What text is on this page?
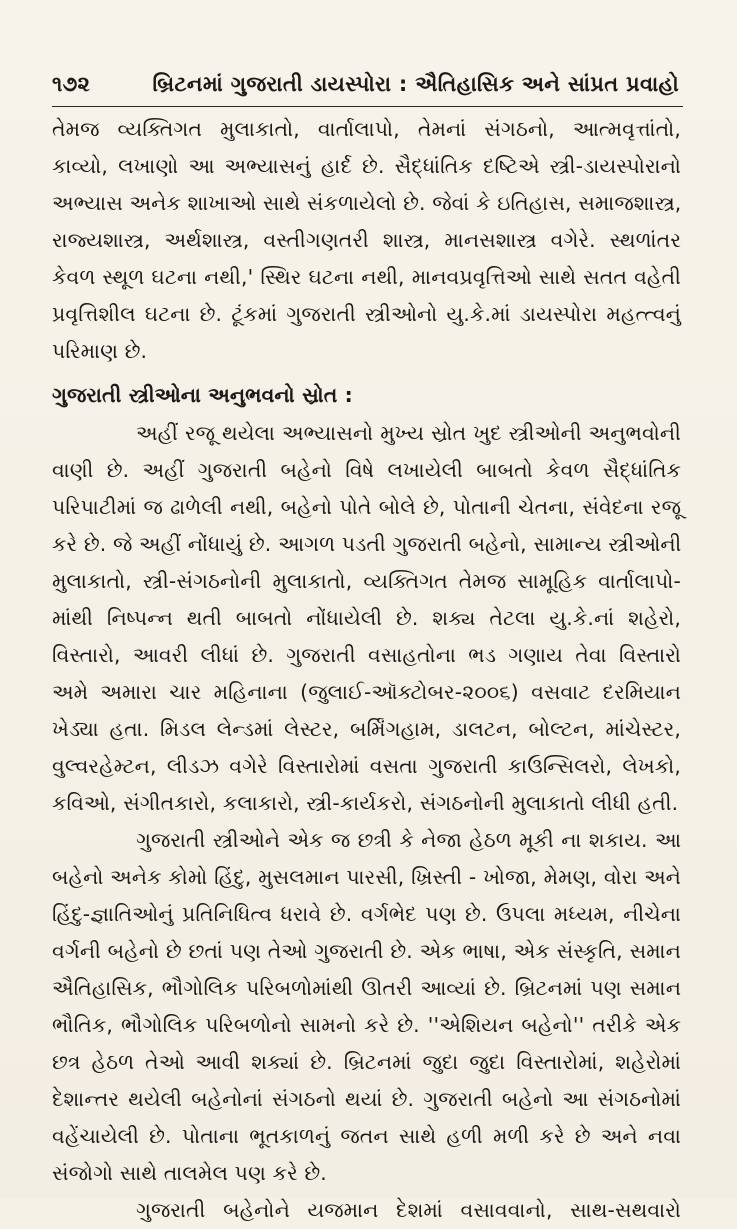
૧૭૨	બ્રિટનમાં ગુજરાતી ડાયસ્પોરા : ઐતિહાસિક અને સાંપ્રત પ્રવાહો
તેમજ વ્યક્તિગત મુલાકાતો, વાર્તાલાપો, તેમનાં સંગઠનો, આત્મવૃત્તાંતો,
કાવ્યો, લખાણો આ અભ્યાસનું હાર્દ છે. સૈદ્ધાંતિક દષ્ટિએ સ્ત્રી-ડાયસ્પોરાનો
અભ્યાસ અનેક શાખાઓ સાથે સંકળાયેલો છે. જેવાં કે ઇતિહાસ, સમાજશાસ્ત્ર,
રાજ્યશાસ્ત્ર, અર્થશાસ્ત્ર, વસ્તીગણતરી શાસ્ત્ર, માનસશાસ્ત્ર વગેરે. સ્થળાંતર
કેવળ સ્થૂળ ઘટના નથી,' સ્થિર ઘટના નથી, માનવપ્રવૃત્તિઓ સાથે સતત વહેતી
પ્રવૃત્તિશીલ ઘટના છે. ટૂંકમાં ગુજરાતી સ્ત્રીઓનો યુ.કે.માં ડાયસ્પોરા મહત્ત્વનું
પરિમાણ છે.
ગુજરાતી સ્ત્રીઓના અનુભવનો સ્રોત :
અહીં રજૂ થયેલા અભ્યાસનો મુખ્ય સ્રોત ખુદ સ્ત્રીઓની અનુભવોની
વાણી છે. અહીં ગુજરાતી બહેનો વિષે લખાયેલી બાબતો કેવળ સૈદ્ધાંતિક
પરિપાટીમાં જ ઢાળેલી નથી, બહેનો પોતે બોલે છે, પોતાની ચેતના, સંવેદના રજૂ
કરે છે. જે અહીં નોંધાયું છે. આગળ પડતી ગુજરાતી બહેનો, સામાન્ય સ્ત્રીઓની
મુલાકાતો, સ્ત્રી-સંગઠનોની મુલાકાતો, વ્યક્તિગત તેમજ સામૂહિક વાર્તાલાપો-
માંથી નિષ્પન્ન થતી બાબતો નોંધાયેલી છે. શક્ય તેટલા યુ.કે.નાં શહેરો,
વિસ્તારો, આવરી લીધાં છે. ગુજરાતી વસાહતોના ભડ ગણાય તેવા વિસ્તારો
અમે અમારા ચાર મહિનાના (જુલાઈ-ઑક્ટોબર-૨૦૦૬) વસવાટ દરમિયાન
ખેડ્યા હતા. મિડલ લેન્ડમાં લેસ્ટર, બર્મિંગહામ, ડાલટન, બોલ્ટન, માંચેસ્ટર,
વુલ્વરહેમ્ટન, લીડઝ વગેરે વિસ્તારોમાં વસતા ગુજરાતી કાઉન્સિલરો, લેખકો,
કવિઓ, સંગીતકારો, કલાકારો, સ્ત્રી-કાર્યકરો, સંગઠનોની મુલાકાતો લીધી હતી.
ગુજરાતી સ્ત્રીઓને એક જ છત્રી કે નેજા હેઠળ મૂકી ના શકાય. આ
બહેનો અનેક કોમો હિંદુ, મુસલમાન પારસી, ખ્રિસ્તી - ખોજા, મેમણ, વોરા અને
હિંદુ-જ્ઞાતિઓનું પ્રતિનિધિત્વ ધરાવે છે. વર્ગભેદ પણ છે. ઉપલા મધ્યમ, નીચેના
વર્ગની બહેનો છે છતાં પણ તેઓ ગુજરાતી છે. એક ભાષા, એક સંસ્કૃતિ, સમાન
ઐતિહાસિક, ભૌગોલિક પરિબળોમાંથી ઊતરી આવ્યાં છે. બ્રિટનમાં પણ સમાન
ભૌતિક, ભૌગોલિક પરિબળોનો સામનો કરે છે. ''એશિયન બહેનો'' તરીકે એક
છત્ર હેઠળ તેઓ આવી શક્યાં છે. બ્રિટનમાં જુદા જુદા વિસ્તારોમાં, શહેરોમાં
દેશાન્તર થયેલી બહેનોનાં સંગઠનો થયાં છે. ગુજરાતી બહેનો આ સંગઠનોમાં
વહેંચાયેલી છે. પોતાના ભૂતકાળનું જતન સાથે હળી મળી કરે છે અને નવા
સંજોગો સાથે તાલમેલ પણ કરે છે.
ગુજરાતી બહેનોને યજમાન દેશમાં વસાવવાનો, સાથ-સથવારો
